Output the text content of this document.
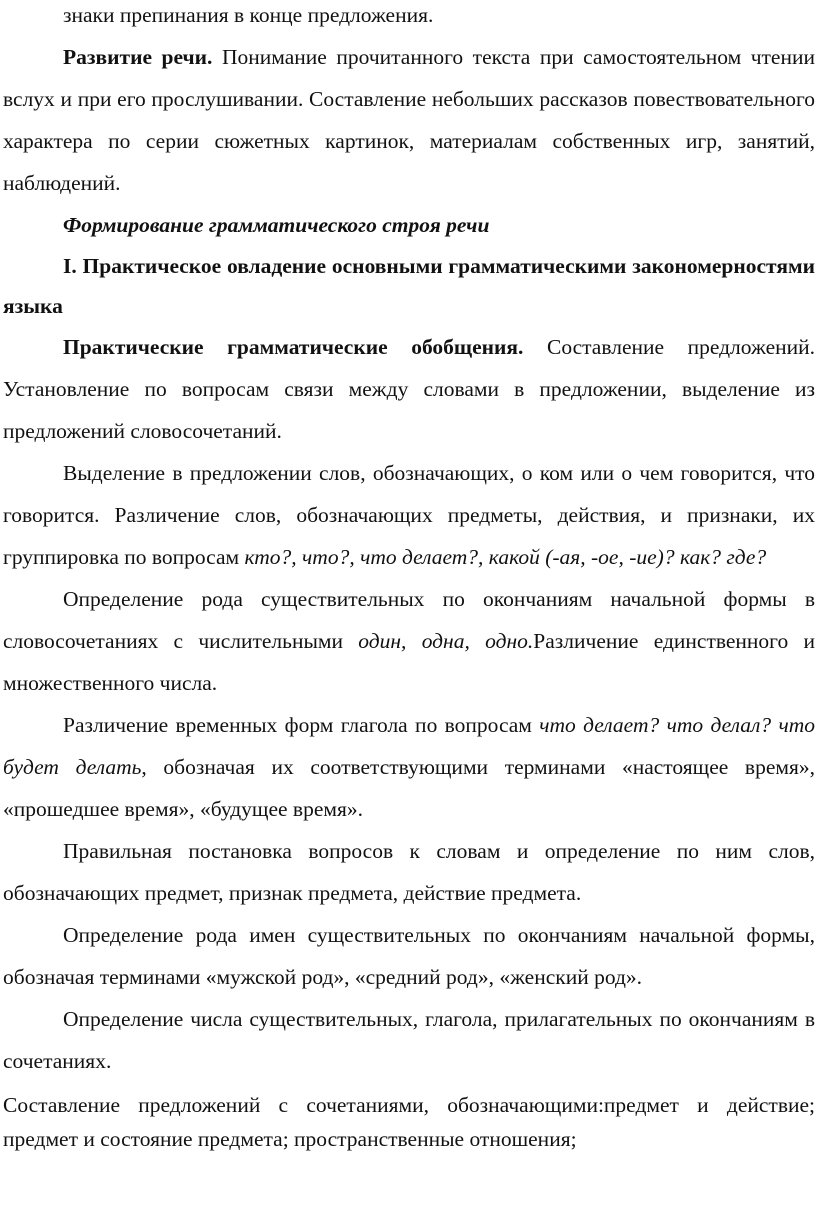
знаки препинания в конце предложения.

Развитие речи. Понимание прочитанного текста при самостоятельном чтении вслух и при его прослушивании. Составление небольших рассказов повествовательного характера по серии сюжетных картинок, материалам собственных игр, занятий, наблюдений.

Формирование грамматического строя речи

I. Практическое овладение основными грамматическими закономерностями языка

Практические грамматические обобщения. Составление предложений. Установление по вопросам связи между словами в предложении, выделение из предложений словосочетаний.

Выделение в предложении слов, обозначающих, о ком или о чем говорится, что говорится. Различение слов, обозначающих предметы, действия, и признаки, их группировка по вопросам кто?, что?, что делает?, какой (-ая, -ое, -ие)? как? где?

Определение рода существительных по окончаниям начальной формы в словосочетаниях с числительными один, одна, одно.Различение единственного и множественного числа.

Различение временных форм глагола по вопросам что делает? что делал? что будет делать, обозначая их соответствующими терминами «настоящее время», «прошедшее время», «будущее время».

Правильная постановка вопросов к словам и определение по ним слов, обозначающих предмет, признак предмета, действие предмета.

Определение рода имен существительных по окончаниям начальной формы, обозначая терминами «мужской род», «средний род», «женский род».

Определение числа существительных, глагола, прилагательных по окончаниям в сочетаниях.

Составление предложений с сочетаниями, обозначающими:предмет и действие; предмет и состояние предмета; пространственные отношения;
